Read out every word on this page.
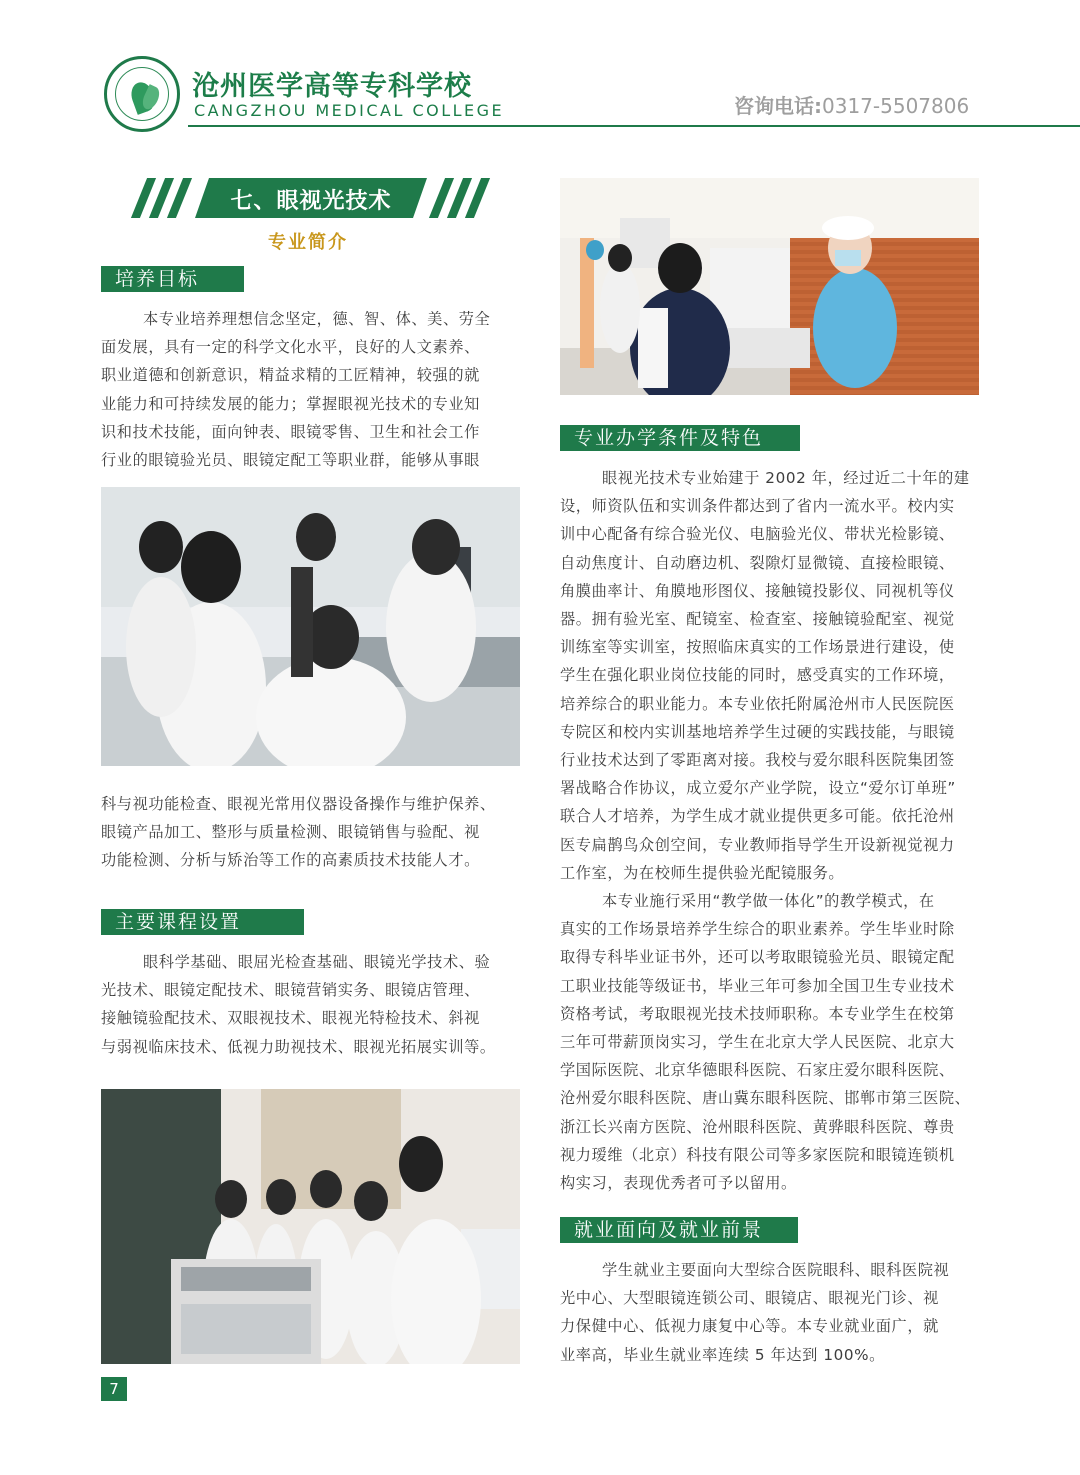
沧州医学高等专科学校
CANGZHOU MEDICAL COLLEGE	咨询电话:0317-5507806
七、眼视光技术
专业简介
培养目标
本专业培养理想信念坚定，德、智、体、美、劳全
面发展，具有一定的科学文化水平，良好的人文素养、
职业道德和创新意识，精益求精的工匠精神，较强的就
业能力和可持续发展的能力；掌握眼视光技术的专业知
识和技术技能，面向钟表、眼镜零售、卫生和社会工作
行业的眼镜验光员、眼镜定配工等职业群，能够从事眼
科与视功能检查、眼视光常用仪器设备操作与维护保养、
眼镜产品加工、整形与质量检测、眼镜销售与验配、视
功能检测、分析与矫治等工作的高素质技术技能人才。
主要课程设置
眼科学基础、眼屈光检查基础、眼镜光学技术、验
光技术、眼镜定配技术、眼镜营销实务、眼镜店管理、
接触镜验配技术、双眼视技术、眼视光特检技术、斜视
与弱视临床技术、低视力助视技术、眼视光拓展实训等。
专业办学条件及特色
眼视光技术专业始建于 2002 年，经过近二十年的建
设，师资队伍和实训条件都达到了省内一流水平。校内实
训中心配备有综合验光仪、电脑验光仪、带状光检影镜、
自动焦度计、自动磨边机、裂隙灯显微镜、直接检眼镜、
角膜曲率计、角膜地形图仪、接触镜投影仪、同视机等仪
器。拥有验光室、配镜室、检查室、接触镜验配室、视觉
训练室等实训室，按照临床真实的工作场景进行建设，使
学生在强化职业岗位技能的同时，感受真实的工作环境，
培养综合的职业能力。本专业依托附属沧州市人民医院医
专院区和校内实训基地培养学生过硬的实践技能，与眼镜
行业技术达到了零距离对接。我校与爱尔眼科医院集团签
署战略合作协议，成立爱尔产业学院，设立“爱尔订单班”
联合人才培养，为学生成才就业提供更多可能。依托沧州
医专扁鹊鸟众创空间，专业教师指导学生开设新视觉视力
工作室，为在校师生提供验光配镜服务。
本专业施行采用“教学做一体化”的教学模式，在
真实的工作场景培养学生综合的职业素养。学生毕业时除
取得专科毕业证书外，还可以考取眼镜验光员、眼镜定配
工职业技能等级证书，毕业三年可参加全国卫生专业技术
资格考试，考取眼视光技术技师职称。本专业学生在校第
三年可带薪顶岗实习，学生在北京大学人民医院、北京大
学国际医院、北京华德眼科医院、石家庄爱尔眼科医院、
沧州爱尔眼科医院、唐山冀东眼科医院、邯郸市第三医院、
浙江长兴南方医院、沧州眼科医院、黄骅眼科医院、尊贵
视力瑷维（北京）科技有限公司等多家医院和眼镜连锁机
构实习，表现优秀者可予以留用。
就业面向及就业前景
学生就业主要面向大型综合医院眼科、眼科医院视
光中心、大型眼镜连锁公司、眼镜店、眼视光门诊、视
力保健中心、低视力康复中心等。本专业就业面广，就
业率高，毕业生就业率连续 5 年达到 100%。
7
